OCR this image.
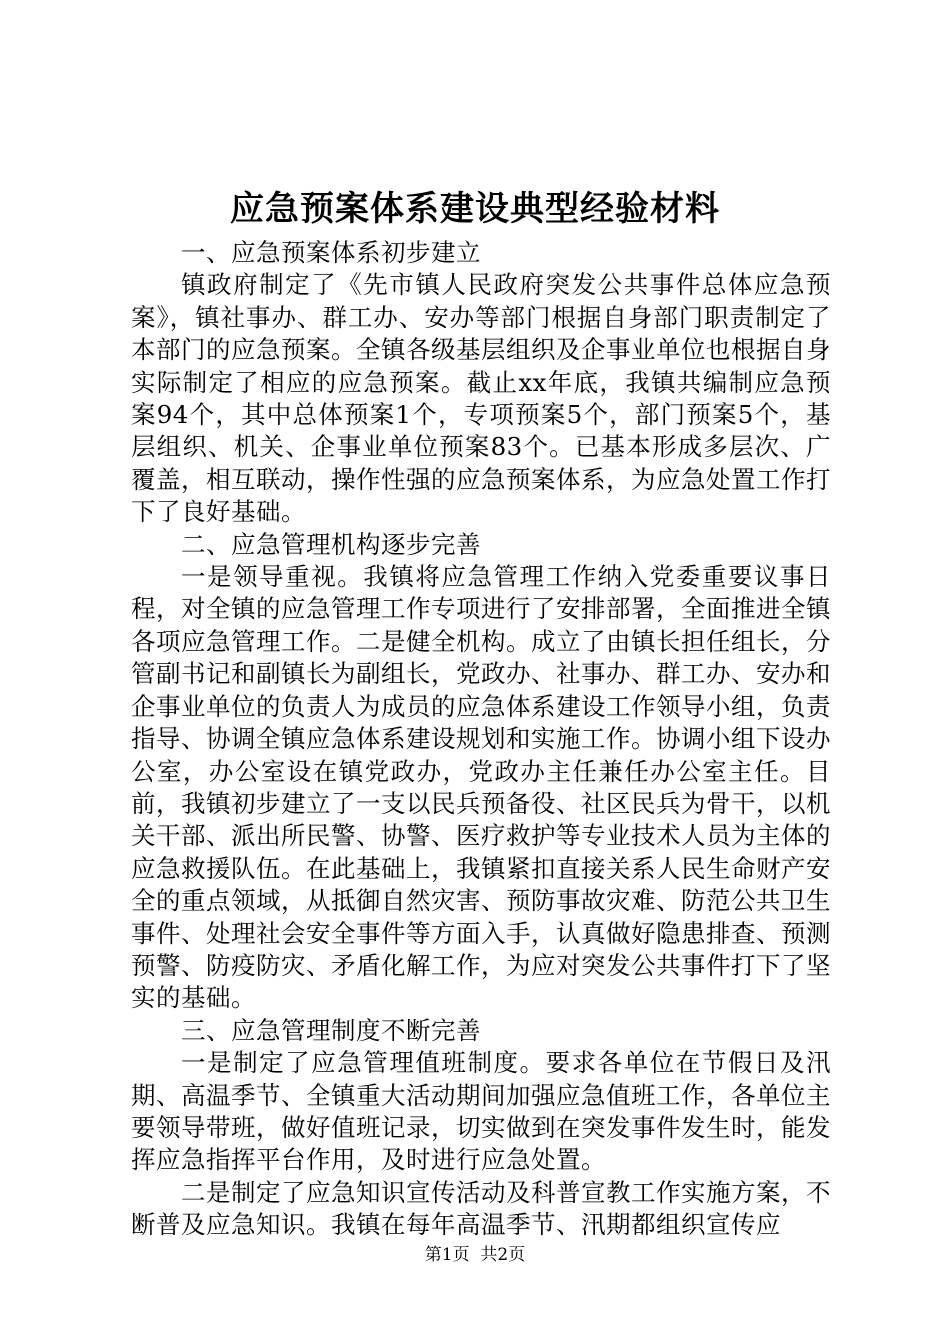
应急预案体系建设典型经验材料

一、应急预案体系初步建立

镇政府制定了《先市镇人民政府突发公共事件总体应急预案》，镇社事办、群工办、安办等部门根据自身部门职责制定了本部门的应急预案。全镇各级基层组织及企事业单位也根据自身实际制定了相应的应急预案。截止xx年底，我镇共编制应急预案94个，其中总体预案1个，专项预案5个，部门预案5个，基层组织、机关、企事业单位预案83个。已基本形成多层次、广覆盖，相互联动，操作性强的应急预案体系，为应急处置工作打下了良好基础。

二、应急管理机构逐步完善

一是领导重视。我镇将应急管理工作纳入党委重要议事日程，对全镇的应急管理工作专项进行了安排部署，全面推进全镇各项应急管理工作。二是健全机构。成立了由镇长担任组长，分管副书记和副镇长为副组长，党政办、社事办、群工办、安办和企事业单位的负责人为成员的应急体系建设工作领导小组，负责指导、协调全镇应急体系建设规划和实施工作。协调小组下设办公室，办公室设在镇党政办，党政办主任兼任办公室主任。目前，我镇初步建立了一支以民兵预备役、社区民兵为骨干，以机关干部、派出所民警、协警、医疗救护等专业技术人员为主体的应急救援队伍。在此基础上，我镇紧扣直接关系人民生命财产安全的重点领域，从抵御自然灾害、预防事故灾难、防范公共卫生事件、处理社会安全事件等方面入手，认真做好隐患排查、预测预警、防疫防灾、矛盾化解工作，为应对突发公共事件打下了坚实的基础。

三、应急管理制度不断完善

一是制定了应急管理值班制度。要求各单位在节假日及汛期、高温季节、全镇重大活动期间加强应急值班工作，各单位主要领导带班，做好值班记录，切实做到在突发事件发生时，能发挥应急指挥平台作用，及时进行应急处置。

二是制定了应急知识宣传活动及科普宣教工作实施方案，不断普及应急知识。我镇在每年高温季节、汛期都组织宣传应

第1页  共2页
